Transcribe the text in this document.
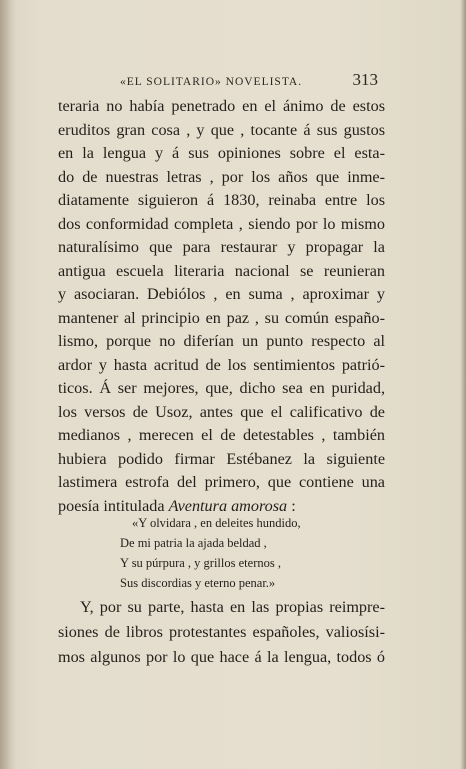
«EL SOLITARIO» NOVELISTA.	313
teraria no había penetrado en el ánimo de estos
eruditos gran cosa , y que , tocante á sus gustos
en la lengua y á sus opiniones sobre el esta-
do de nuestras letras , por los años que inme-
diatamente siguieron á 1830, reinaba entre los
dos conformidad completa , siendo por lo mismo
naturalísimo que para restaurar y propagar la
antigua escuela literaria nacional se reunieran
y asociaran. Debiólos , en suma , aproximar y
mantener al principio en paz , su común españo-
lismo, porque no diferían un punto respecto al
ardor y hasta acritud de los sentimientos patrió-
ticos. Á ser mejores, que, dicho sea en puridad,
los versos de Usoz, antes que el calificativo de
medianos , merecen el de detestables , también
hubiera podido firmar Estébanez la siguiente
lastimera estrofa del primero, que contiene una
poesía intitulada Aventura amorosa :
«Y olvidara , en deleites hundido,
De mi patria la ajada beldad ,
Y su púrpura , y grillos eternos ,
Sus discordias y eterno penar.»
Y, por su parte, hasta en las propias reimpre-
siones de libros protestantes españoles, valiosísi-
mos algunos por lo que hace á la lengua, todos ó
